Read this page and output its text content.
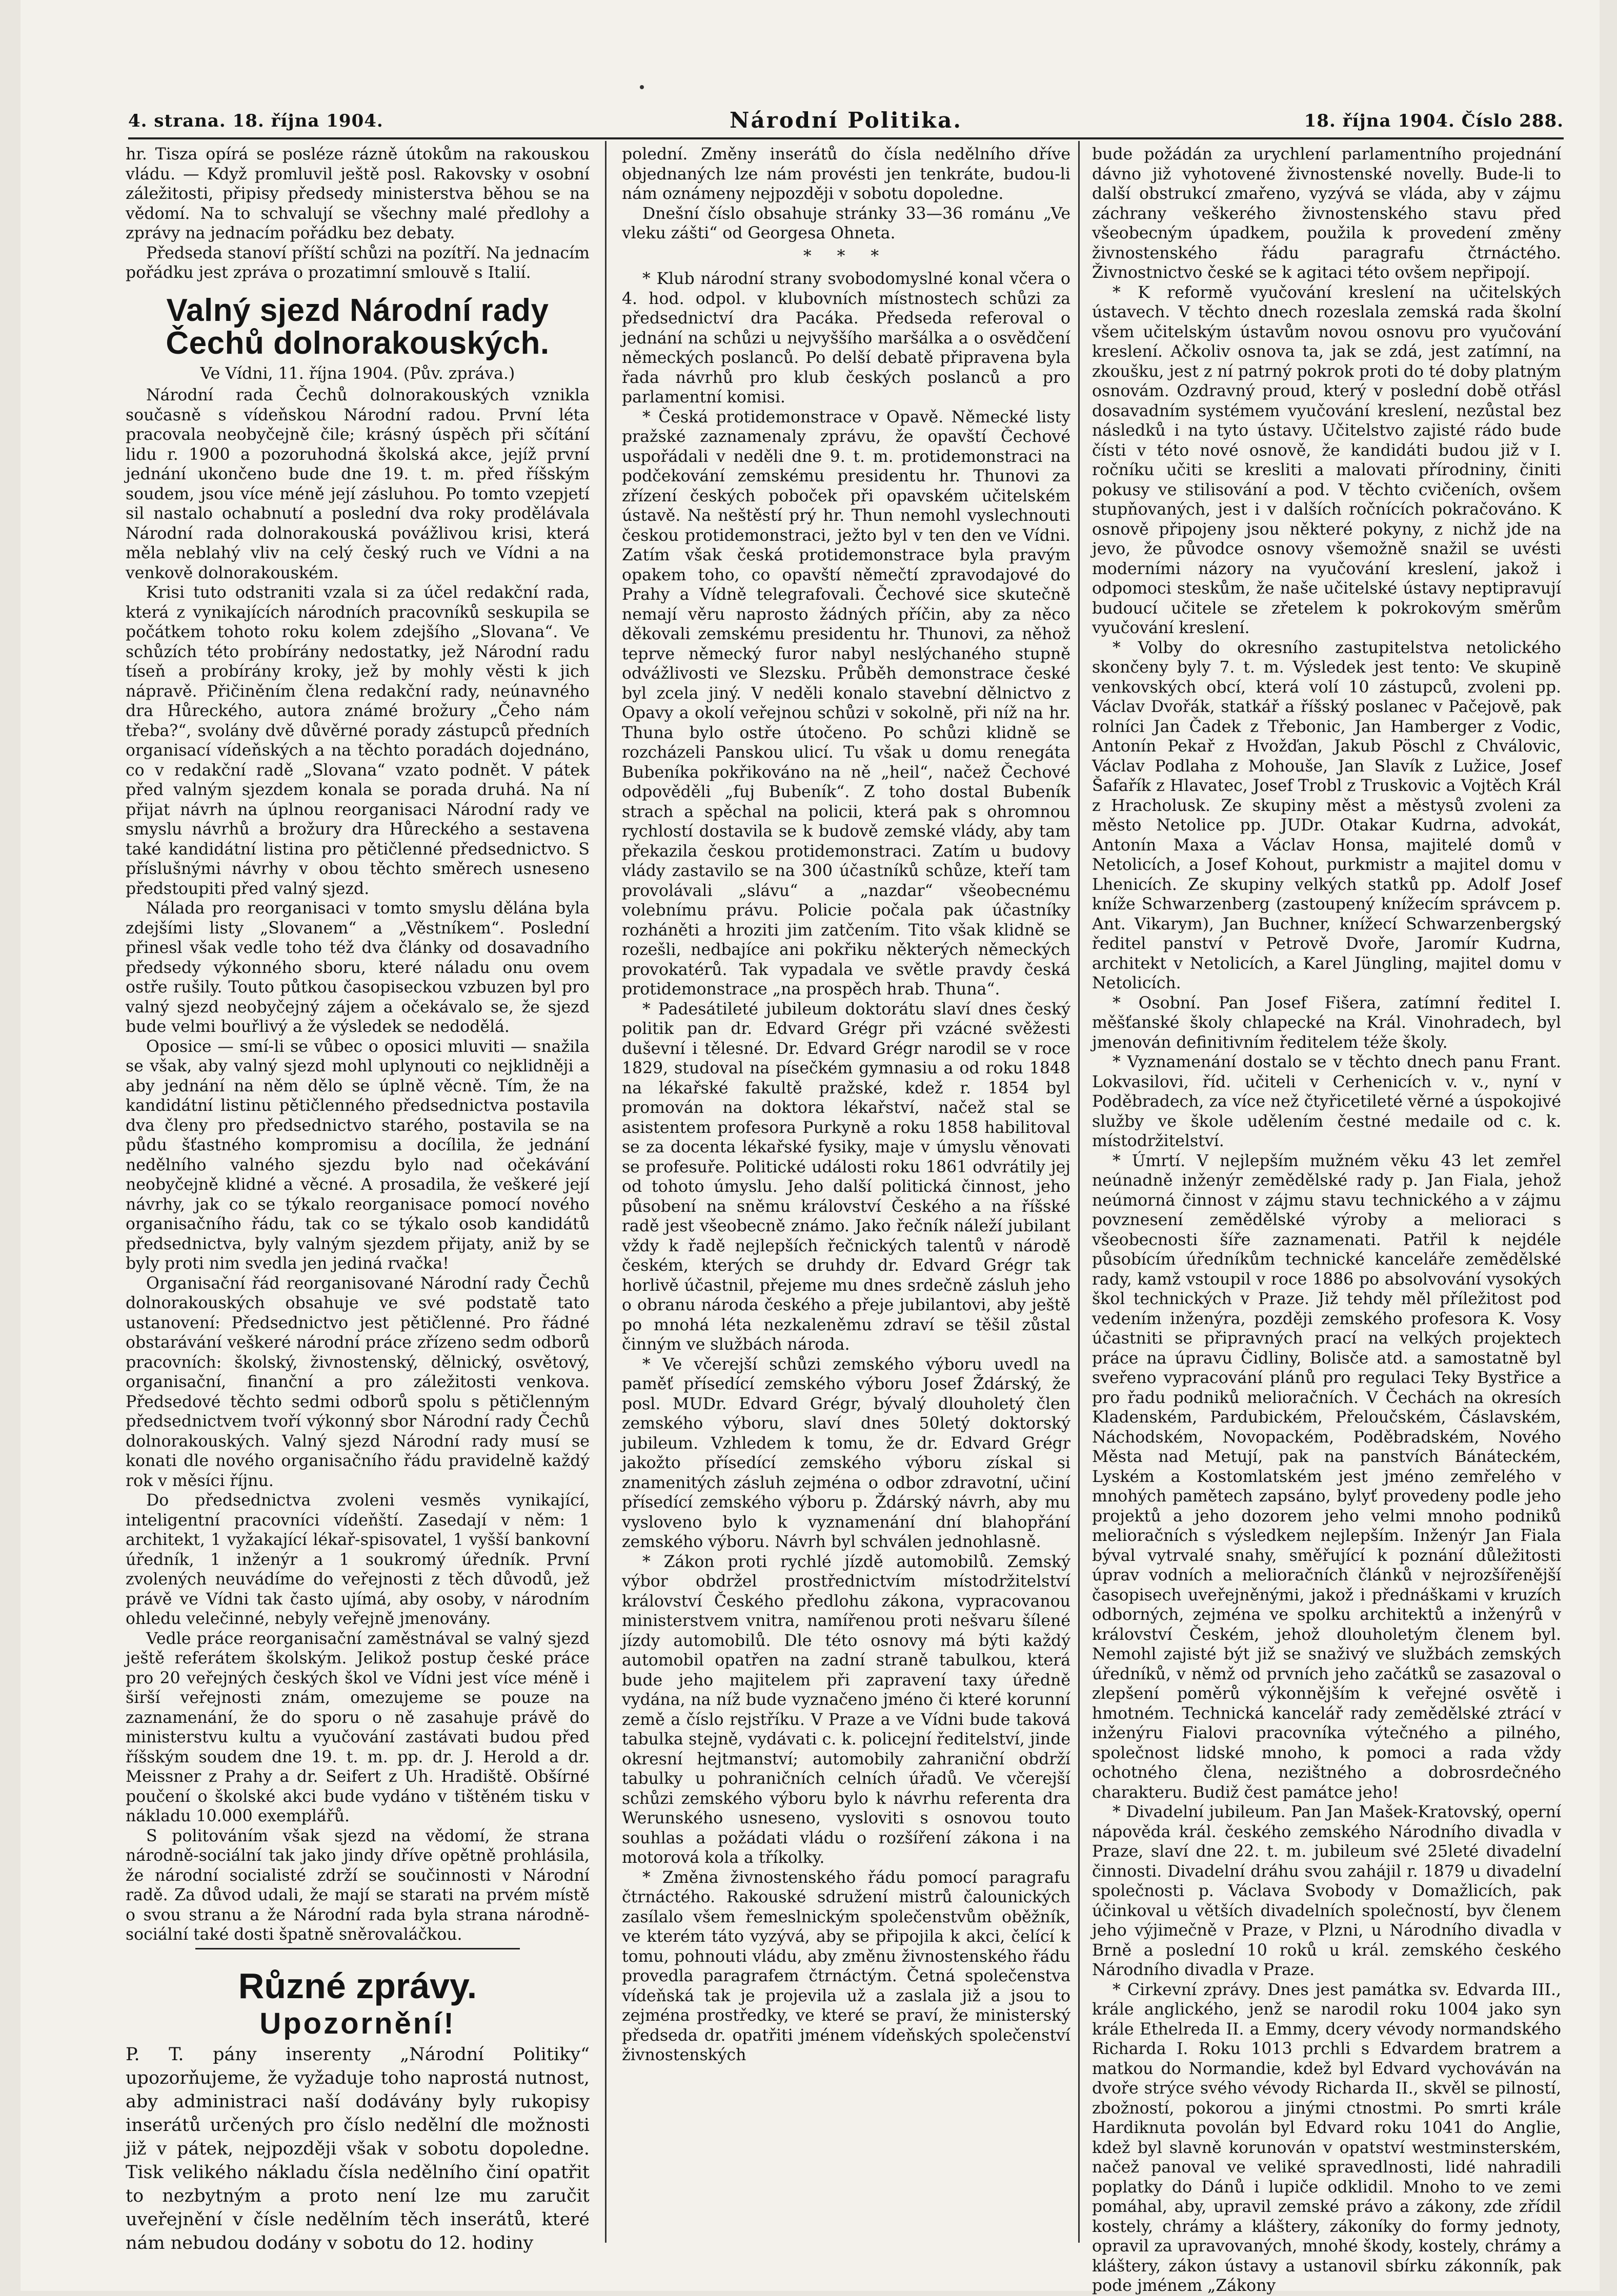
4. strana. 18. října 1904.	Národní Politika.	18. října 1904. Číslo 288.

hr. Tisza opírá se posléze rázně útokům na rakouskou vládu. — Když promluvil ještě posl. Rakovsky v osobní záležitosti, připisy předsedy ministerstva běhou se na vědomí. Na to schvalují se všechny malé předlohy a zprávy na jednacím pořádku bez debaty.

Předseda stanoví příští schůzi na pozítří. Na jednacím pořádku jest zpráva o prozatimní smlouvě s Italií.

Valný sjezd Národní rady Čechů dolnorakouských.

Ve Vídni, 11. října 1904. (Pův. zpráva.)

Národní rada Čechů dolnorakouských vznikla současně s vídeňskou Národní radou. První léta pracovala neobyčejně čile; krásný úspěch při sčítání lidu r. 1900 a pozoruhodná školská akce, jejíž první jednání ukončeno bude dne 19. t. m. před říšským soudem, jsou více méně její zásluhou. Po tomto vzepjetí sil nastalo ochabnutí a poslední dva roky prodělávala Národní rada dolnorakouská povážlivou krisi, která měla neblahý vliv na celý český ruch ve Vídni a na venkově dolnorakouském.

Krisi tuto odstraniti vzala si za účel redakční rada, která z vynikajících národních pracovníků seskupila se počátkem tohoto roku kolem zdejšího „Slovana“. Ve schůzích této probírány nedostatky, jež Národní radu tíseň a probírány kroky, jež by mohly věsti k jich nápravě. Přičiněním člena redakční rady, neúnavného dra Hůreckého, autora známé brožury „Čeho nám třeba?“, svolány dvě důvěrné porady zástupců předních organisací vídeňských a na těchto poradách dojednáno, co v redakční radě „Slovana“ vzato podnět. V pátek před valným sjezdem konala se porada druhá. Na ní přijat návrh na úplnou reorganisaci Národní rady ve smyslu návrhů a brožury dra Hůreckého a sestavena také kandidátní listina pro pětičlenné předsednictvo. S příslušnými návrhy v obou těchto směrech usneseno předstoupiti před valný sjezd.

Nálada pro reorganisaci v tomto smyslu dělána byla zdejšími listy „Slovanem“ a „Věstníkem“. Poslední přinesl však vedle toho též dva články od dosavadního předsedy výkonného sboru, které náladu onu ovem ostře rušily. Touto půtkou časopiseckou vzbuzen byl pro valný sjezd neobyčejný zájem a očekávalo se, že sjezd bude velmi bouřlivý a že výsledek se nedodělá.

Oposice — smí-li se vůbec o oposici mluviti — snažila se však, aby valný sjezd mohl uplynouti co nejklidněji a aby jednání na něm dělo se úplně věcně. Tím, že na kandidátní listinu pětičlenného předsednictva postavila dva členy pro předsednictvo starého, postavila se na půdu šťastného kompromisu a docílila, že jednání nedělního valného sjezdu bylo nad očekávání neobyčejně klidné a věcné. A prosadila, že veškeré její návrhy, jak co se týkalo reorganisace pomocí nového organisačního řádu, tak co se týkalo osob kandidátů předsednictva, byly valným sjezdem přijaty, aniž by se byly proti nim svedla jen jediná rvačka!

Organisační řád reorganisované Národní rady Čechů dolnorakouských obsahuje ve své podstatě tato ustanovení: Předsednictvo jest pětičlenné. Pro řádné obstarávání veškeré národní práce zřízeno sedm odborů pracovních: školský, živnostenský, dělnický, osvětový, organisační, finanční a pro záležitosti venkova. Předsedové těchto sedmi odborů spolu s pětičlenným předsednictvem tvoří výkonný sbor Národní rady Čechů dolnorakouských. Valný sjezd Národní rady musí se konati dle nového organisačního řádu pravidelně každý rok v měsíci říjnu.

Do předsednictva zvoleni vesměs vynikající, inteligentní pracovníci vídeňští. Zasedají v něm: 1 architekt, 1 vyžakající lékař-spisovatel, 1 vyšší bankovní úředník, 1 inženýr a 1 soukromý úředník. První zvolených neuvádíme do veřejnosti z těch důvodů, jež právě ve Vídni tak často ujímá, aby osoby, v národním ohledu velečinné, nebyly veřejně jmenovány.

Vedle práce reorganisační zaměstnával se valný sjezd ještě referátem školským. Jelikož postup české práce pro 20 veřejných českých škol ve Vídni jest více méně i širší veřejnosti znám, omezujeme se pouze na zaznamenání, že do sporu o ně zasahuje právě do ministerstvu kultu a vyučování zastávati budou před říšským soudem dne 19. t. m. pp. dr. J. Herold a dr. Meissner z Prahy a dr. Seifert z Uh. Hradiště. Obšírné poučení o školské akci bude vydáno v tištěném tisku v nákladu 10.000 exemplářů.

S politováním však sjezd na vědomí, že strana národně-sociální tak jako jindy dříve opětně prohlásila, že národní socialisté zdrží se součinnosti v Národní radě. Za důvod udali, že mají se starati na prvém místě o svou stranu a že Národní rada byla strana národně-sociální také dosti špatně sněrovaláčkou.

Různé zprávy.
Upozornění!

P. T. pány inserenty „Národní Politiky“ upozorňujeme, že vyžaduje toho naprostá nutnost, aby administraci naší dodávány byly rukopisy inserátů určených pro číslo nedělní dle možnosti již v pátek, nejpozději však v sobotu dopoledne. Tisk velikého nákladu čísla nedělního činí opatřit to nezbytným a proto není lze mu zaručit uveřejnění v čísle nedělním těch inserátů, které nám nebudou dodány v sobotu do 12. hodiny

polední. Změny inserátů do čísla nedělního dříve objednaných lze nám provésti jen tenkráte, budou-li nám oznámeny nejpozději v sobotu dopoledne.

Dnešní číslo obsahuje stránky 33—36 románu „Ve vleku zášti“ od Georgesa Ohneta.

* * *

* Klub národní strany svobodomyslné konal včera o 4. hod. odpol. v klubovních místnostech schůzi za předsednictví dra Pacáka. Předseda referoval o jednání na schůzi u nejvyššího maršálka a o osvědčení německých poslanců. Po delší debatě připravena byla řada návrhů pro klub českých poslanců a pro parlamentní komisi.

* Česká protidemonstrace v Opavě. Německé listy pražské zaznamenaly zprávu, že opavští Čechové uspořádali v neděli dne 9. t. m. protidemonstraci na podčekování zemskému presidentu hr. Thunovi za zřízení českých poboček při opavském učitelském ústavě. Na neštěstí prý hr. Thun nemohl vyslechnouti českou protidemonstraci, ježto byl v ten den ve Vídni. Zatím však česká protidemonstrace byla pravým opakem toho, co opavští němečtí zpravodajové do Prahy a Vídně telegrafovali. Čechové sice skutečně nemají věru naprosto žádných příčin, aby za něco děkovali zemskému presidentu hr. Thunovi, za něhož teprve německý furor nabyl neslýchaného stupně odvážlivosti ve Slezsku. Průběh demonstrace české byl zcela jiný. V neděli konalo stavební dělnictvo z Opavy a okolí veřejnou schůzi v sokolně, při níž na hr. Thuna bylo ostře útočeno. Po schůzi klidně se rozcházeli Panskou ulicí. Tu však u domu renegáta Bubeníka pokřikováno na ně „heil“, načež Čechové odpověděli „fuj Bubeník“. Z toho dostal Bubeník strach a spěchal na policii, která pak s ohromnou rychlostí dostavila se k budově zemské vlády, aby tam překazila českou protidemonstraci. Zatím u budovy vlády zastavilo se na 300 účastníků schůze, kteří tam provolávali „slávu“ a „nazdar“ všeobecnému volebnímu právu. Policie počala pak účastníky rozháněti a hroziti jim zatčením. Tito však klidně se rozešli, nedbajíce ani pokřiku některých německých provokatérů. Tak vypadala ve světle pravdy česká protidemonstrace „na prospěch hrab. Thuna“.

* Padesátileté jubileum doktorátu slaví dnes český politik pan dr. Edvard Grégr při vzácné svěžesti duševní i tělesné. Dr. Edvard Grégr narodil se v roce 1829, studoval na písečkém gymnasiu a od roku 1848 na lékařské fakultě pražské, kdež r. 1854 byl promován na doktora lékařství, načež stal se asistentem profesora Purkyně a roku 1858 habilitoval se za docenta lékařské fysiky, maje v úmyslu věnovati se profesuře. Politické události roku 1861 odvrátily jej od tohoto úmyslu. Jeho další politická činnost, jeho působení na sněmu království Českého a na říšské radě jest všeobecně známo. Jako řečník náleží jubilant vždy k řadě nejlepších řečnických talentů v národě českém, kterých se druhdy dr. Edvard Grégr tak horlivě účastnil, přejeme mu dnes srdečně zásluh jeho o obranu národa českého a přeje jubilantovi, aby ještě po mnohá léta nezkaleněmu zdraví se těšil zůstal činným ve službách národa.

* Ve včerejší schůzi zemského výboru uvedl na paměť přísedící zemského výboru Josef Ždárský, že posl. MUDr. Edvard Grégr, bývalý dlouholetý člen zemského výboru, slaví dnes 50letý doktorský jubileum. Vzhledem k tomu, že dr. Edvard Grégr jakožto přísedící zemského výboru získal si znamenitých zásluh zejména o odbor zdravotní, učiní přísedící zemského výboru p. Ždárský návrh, aby mu vysloveno bylo k vyznamenání dní blahopřání zemského výboru. Návrh byl schválen jednohlasně.

* Zákon proti rychlé jízdě automobilů. Zemský výbor obdržel prostřednictvím místodržitelství království Českého předlohu zákona, vypracovanou ministerstvem vnitra, namířenou proti nešvaru šílené jízdy automobilů. Dle této osnovy má býti každý automobil opatřen na zadní straně tabulkou, která bude jeho majitelem při zapravení taxy úředně vydána, na níž bude vyznačeno jméno či které korunní země a číslo rejstříku. V Praze a ve Vídni bude taková tabulka stejně, vydávati c. k. policejní ředitelství, jinde okresní hejtmanství; automobily zahraniční obdrží tabulky u pohraničních celních úřadů. Ve včerejší schůzi zemského výboru bylo k návrhu referenta dra Werunského usneseno, vysloviti s osnovou touto souhlas a požádati vládu o rozšíření zákona i na motorová kola a tříkolky.

* Změna živnostenského řádu pomocí paragrafu čtrnáctého. Rakouské sdružení mistrů čalounických zasílalo všem řemeslnickým společenstvům oběžník, ve kterém táto vyzývá, aby se připojila k akci, čelící k tomu, pohnouti vládu, aby změnu živnostenského řádu provedla paragrafem čtrnáctým. Četná společenstva vídeňská tak je projevila už a zaslala již a jsou to zejména prostředky, ve které se praví, že ministerský předseda dr. opatřiti jménem vídeňských společenství živnostenských

bude požádán za urychlení parlamentního projednání dávno již vyhotovené živnostenské novelly. Bude-li to další obstrukcí zmařeno, vyzývá se vláda, aby v zájmu záchrany veškerého živnostenského stavu před všeobecným úpadkem, použila k provedení změny živnostenského řádu paragrafu čtrnáctého. Živnostnictvo české se k agitaci této ovšem nepřipojí.

* K reformě vyučování kreslení na učitelských ústavech. V těchto dnech rozeslala zemská rada školní všem učitelským ústavům novou osnovu pro vyučování kreslení. Ačkoliv osnova ta, jak se zdá, jest zatímní, na zkoušku, jest z ní patrný pokrok proti do té doby platným osnovám. Ozdravný proud, který v poslední době otřásl dosavadním systémem vyučování kreslení, nezůstal bez následků i na tyto ústavy. Učitelstvo zajisté rádo bude čísti v této nové osnově, že kandidáti budou již v I. ročníku učiti se kresliti a malovati přírodniny, činiti pokusy ve stilisování a pod. V těchto cvičeních, ovšem stupňovaných, jest i v dalších ročnících pokračováno. K osnově připojeny jsou některé pokyny, z nichž jde na jevo, že původce osnovy všemožně snažil se uvésti moderními názory na vyučování kreslení, jakož i odpomoci steskům, že naše učitelské ústavy neptipravují budoucí učitele se zřetelem k pokrokovým směrům vyučování kreslení.

* Volby do okresního zastupitelstva netolického skončeny byly 7. t. m. Výsledek jest tento: Ve skupině venkovských obcí, která volí 10 zástupců, zvoleni pp. Václav Dvořák, statkář a říšský poslanec v Pačejově, pak rolníci Jan Čadek z Třebonic, Jan Hamberger z Vodic, Antonín Pekař z Hvožďan, Jakub Pöschl z Chválovic, Václav Podlaha z Mohouše, Jan Slavík z Lužice, Josef Šafařík z Hlavatec, Josef Trobl z Truskovic a Vojtěch Král z Hracholusk. Ze skupiny měst a městysů zvoleni za město Netolice pp. JUDr. Otakar Kudrna, advokát, Antonín Maxa a Václav Honsa, majitelé domů v Netolicích, a Josef Kohout, purkmistr a majitel domu v Lhenicích. Ze skupiny velkých statků pp. Adolf Josef kníže Schwarzenberg (zastoupený knížecím správcem p. Ant. Vikarym), Jan Buchner, knížecí Schwarzenbergský ředitel panství v Petrově Dvoře, Jaromír Kudrna, architekt v Netolicích, a Karel Jüngling, majitel domu v Netolicích.

* Osobní. Pan Josef Fišera, zatímní ředitel I. měšťanské školy chlapecké na Král. Vinohradech, byl jmenován definitivním ředitelem téže školy.

* Vyznamenání dostalo se v těchto dnech panu Frant. Lokvasilovi, říd. učiteli v Cerhenicích v. v., nyní v Poděbradech, za více než čtyřicetileté věrné a úspokojivé služby ve škole udělením čestné medaile od c. k. místodržitelství.

* Úmrtí. V nejlepším mužném věku 43 let zemřel neúnadně inženýr zemědělské rady p. Jan Fiala, jehož neúmorná činnost v zájmu stavu technického a v zájmu povznesení zemědělské výroby a melioraci s všeobecnosti šíře zaznamenati. Patřil k nejdéle působícím úředníkům technické kanceláře zemědělské rady, kamž vstoupil v roce 1886 po absolvování vysokých škol technických v Praze. Již tehdy měl příležitost pod vedením inženýra, později zemského profesora K. Vosy účastniti se připravných prací na velkých projektech práce na úpravu Čidliny, Bolisče atd. a samostatně byl sveřeno vypracování plánů pro regulaci Teky Bystřice a pro řadu podniků melioračních. V Čechách na okresích Kladenském, Pardubickém, Přeloučském, Čáslavském, Náchodském, Novopackém, Poděbradském, Nového Města nad Metují, pak na panstvích Bánáteckém, Lyském a Kostomlatském jest jméno zemřelého v mnohých pamětech zapsáno, bylyť provedeny podle jeho projektů a jeho dozorem jeho velmi mnoho podniků melioračních s výsledkem nejlepším. Inženýr Jan Fiala býval vytrvalé snahy, směřující k poznání důležitosti úprav vodních a melioračních článků v nejrozšířenější časopisech uveřejněnými, jakož i přednáškami v kruzích odborných, zejména ve spolku architektů a inženýrů v království Českém, jehož dlouholetým členem byl. Nemohl zajisté být již se snaživý ve službách zemských úředníků, v němž od prvních jeho začátků se zasazoval o zlepšení poměrů výkonnějším k veřejné osvětě i hmotném. Technická kancelář rady zemědělské ztrácí v inženýru Fialovi pracovníka výtečného a pilného, společnost lidské mnoho, k pomoci a rada vždy ochotného člena, nezištného a dobrosrdečného charakteru. Budiž čest památce jeho!

* Divadelní jubileum. Pan Jan Mašek-Kratovský, operní nápověda král. českého zemského Národního divadla v Praze, slaví dne 22. t. m. jubileum své 25leté divadelní činnosti. Divadelní dráhu svou zahájil r. 1879 u divadelní společnosti p. Václava Svobody v Domažlicích, pak účinkoval u větších divadelních společností, byv členem jeho výjimečně v Praze, v Plzni, u Národního divadla v Brně a poslední 10 roků u král. zemského českého Národního divadla v Praze.

* Cirkevní zprávy. Dnes jest památka sv. Edvarda III., krále anglického, jenž se narodil roku 1004 jako syn krále Ethelreda II. a Emmy, dcery vévody normandského Richarda I. Roku 1013 prchli s Edvardem bratrem a matkou do Normandie, kdež byl Edvard vychováván na dvoře strýce svého vévody Richarda II., skvěl se pilností, zbožností, pokorou a jinými ctnostmi. Po smrti krále Hardiknuta povolán byl Edvard roku 1041 do Anglie, kdež byl slavně korunován v opatství westminsterském, načež panoval ve veliké spravedlnosti, lidé nahradili poplatky do Dánů i lupiče odklidil. Mnoho to ve zemi pomáhal, aby, upravil zemské právo a zákony, zde zřídil kostely, chrámy a kláštery, zákoníky do formy jednoty, opravil za upravovaných, mnohé škody, kostely, chrámy a kláštery, zákon ústavy a ustanovil sbírku zákonník, pak pode jménem „Zákony
